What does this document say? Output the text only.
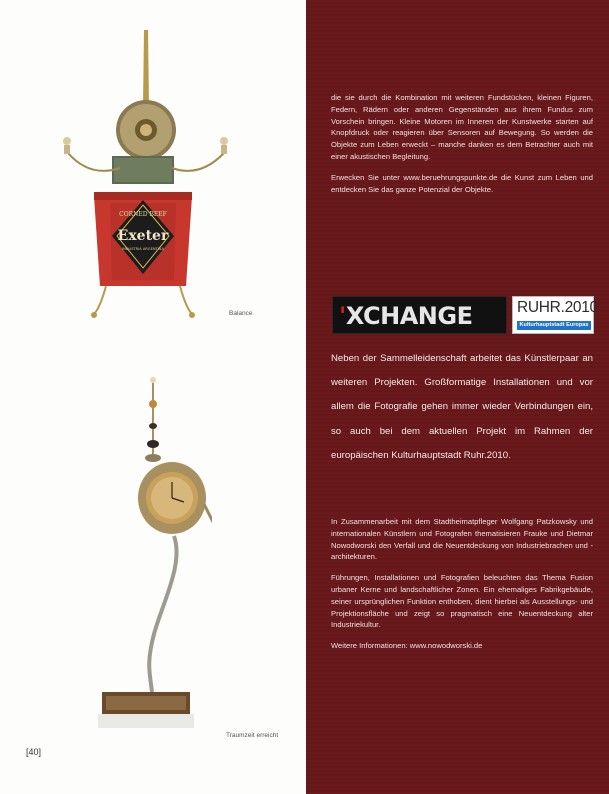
CORNED BEEF
Exeter
INDUSTRIA ARGENTINA
Balance
Traumzeit erreicht
[40]

die sie durch die Kombination mit weiteren Fundstücken, kleinen Figuren, Federn, Rädern oder anderen Gegenständen aus ihrem Fundus zum Vorschein bringen. Kleine Motoren im Inneren der Kunstwerke starten auf Knopfdruck oder reagieren über Sensoren auf Bewegung. So werden die Objekte zum Leben erweckt – manche danken es dem Betrachter auch mit einer akustischen Begleitung.

Erwecken Sie unter www.beruehrungspunkte.de die Kunst zum Leben und entdecken Sie das ganze Potenzial der Objekte.

'XCHANGE	RUHR.2010
Kulturhauptstadt Europas

Neben der Sammelleidenschaft arbeitet das Künstlerpaar an weiteren Projekten. Großformatige Installationen und vor allem die Fotografie gehen immer wieder Verbindungen ein, so auch bei dem aktuellen Projekt im Rahmen der europäischen Kulturhauptstadt Ruhr.2010.

In Zusammenarbeit mit dem Stadtheimatpfleger Wolfgang Patzkowsky und internationalen Künstlern und Fotografen thematisieren Frauke und Dietmar Nowodworski den Verfall und die Neuentdeckung von Industriebrachen und -architekturen.

Führungen, Installationen und Fotografien beleuchten das Thema Fusion urbaner Kerne und landschaftlicher Zonen. Ein ehemaliges Fabrikgebäude, seiner ursprünglichen Funktion enthoben, dient hierbei als Ausstellungs- und Projektionsfläche und zeigt so pragmatisch eine Neuentdeckung alter Industriekultur.

Weitere Informationen: www.nowodworski.de
